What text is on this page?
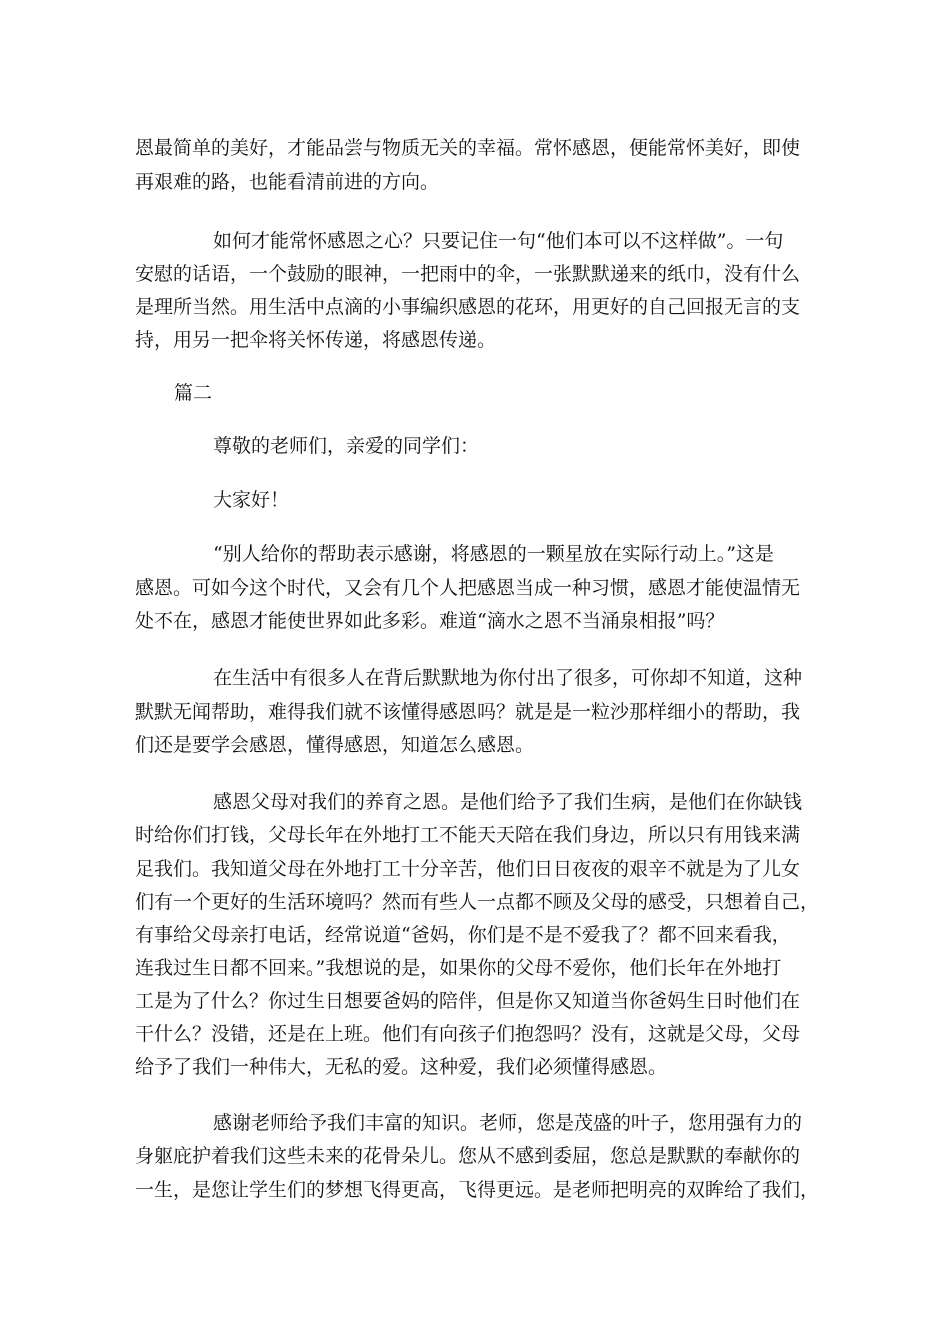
恩最简单的美好，才能品尝与物质无关的幸福。常怀感恩，便能常怀美好，即使

再艰难的路，也能看清前进的方向。

如何才能常怀感恩之心？只要记住一句“他们本可以不这样做”。一句

安慰的话语，一个鼓励的眼神，一把雨中的伞，一张默默递来的纸巾，没有什么

是理所当然。用生活中点滴的小事编织感恩的花环，用更好的自己回报无言的支

持，用另一把伞将关怀传递，将感恩传递。

篇二

尊敬的老师们，亲爱的同学们：

大家好！

“别人给你的帮助表示感谢，将感恩的一颗星放在实际行动上。”这是

感恩。可如今这个时代，又会有几个人把感恩当成一种习惯，感恩才能使温情无

处不在，感恩才能使世界如此多彩。难道“滴水之恩不当涌泉相报”吗？

在生活中有很多人在背后默默地为你付出了很多，可你却不知道，这种

默默无闻帮助，难得我们就不该懂得感恩吗？就是是一粒沙那样细小的帮助，我

们还是要学会感恩，懂得感恩，知道怎么感恩。

感恩父母对我们的养育之恩。是他们给予了我们生病，是他们在你缺钱

时给你们打钱，父母长年在外地打工不能天天陪在我们身边，所以只有用钱来满

足我们。我知道父母在外地打工十分辛苦，他们日日夜夜的艰辛不就是为了儿女

们有一个更好的生活环境吗？然而有些人一点都不顾及父母的感受，只想着自己，

有事给父母亲打电话，经常说道“爸妈，你们是不是不爱我了？都不回来看我，

连我过生日都不回来。”我想说的是，如果你的父母不爱你，他们长年在外地打

工是为了什么？你过生日想要爸妈的陪伴，但是你又知道当你爸妈生日时他们在

干什么？没错，还是在上班。他们有向孩子们抱怨吗？没有，这就是父母，父母

给予了我们一种伟大，无私的爱。这种爱，我们必须懂得感恩。

感谢老师给予我们丰富的知识。老师，您是茂盛的叶子，您用强有力的

身躯庇护着我们这些未来的花骨朵儿。您从不感到委屈，您总是默默的奉献你的

一生，是您让学生们的梦想飞得更高，飞得更远。是老师把明亮的双眸给了我们，
